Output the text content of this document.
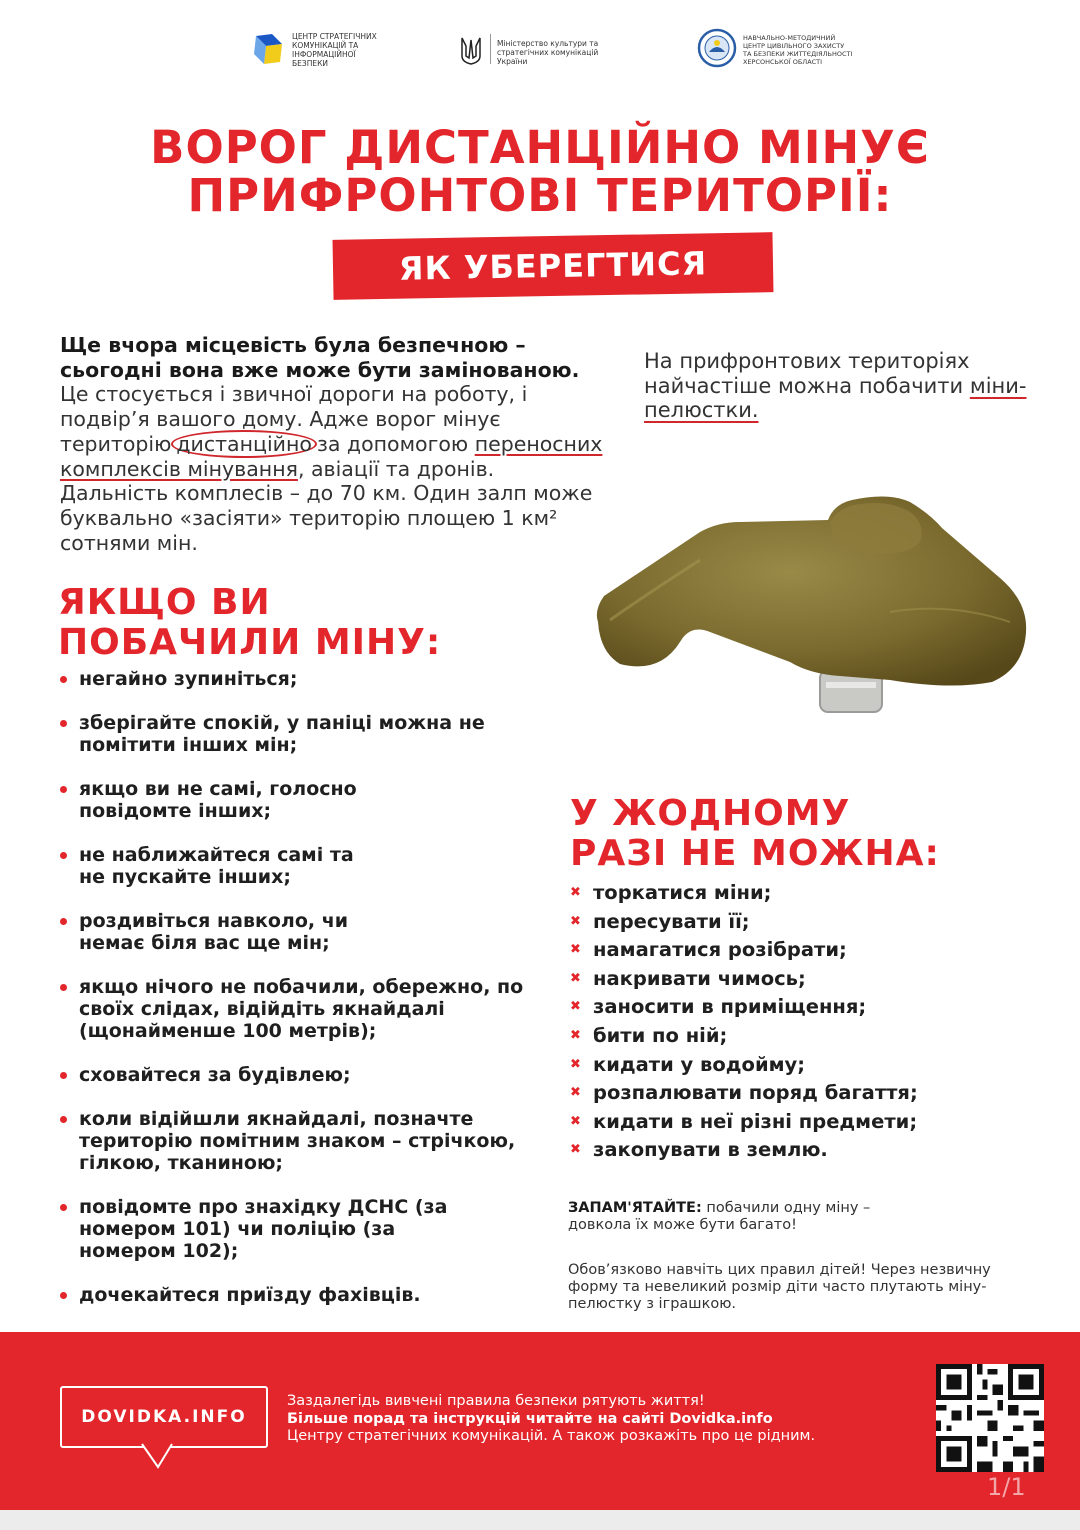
ЦЕНТР СТРАТЕГІЧНИХ КОМУНІКАЦІЙ ТА ІНФОРМАЦІЙНОЇ БЕЗПЕКИ
Міністерство культури та стратегічних комунікацій України
НАВЧАЛЬНО-МЕТОДИЧНИЙ ЦЕНТР ЦИВІЛЬНОГО ЗАХИСТУ ТА БЕЗПЕКИ ЖИТТЄДІЯЛЬНОСТІ ХЕРСОНСЬКОЇ ОБЛАСТІ
ВОРОГ ДИСТАНЦІЙНО МІНУЄ
ПРИФРОНТОВІ ТЕРИТОРІЇ:
ЯК УБЕРЕГТИСЯ
Ще вчора місцевість була безпечною – сьогодні вона вже може бути замінованою. Це стосується і звичної дороги на роботу, і подвір’я вашого дому. Адже ворог мінує територію дистанційно за допомогою переносних комплексів мінування, авіації та дронів. Дальність комплесів – до 70 км. Один залп може буквально «засіяти» територію площею 1 км² сотнями мін.
На прифронтових територіях найчастіше можна побачити міни-пелюстки.
ЯКЩО ВИ
ПОБАЧИЛИ МІНУ:
негайно зупиніться;
зберігайте спокій, у паніці можна не помітити інших мін;
якщо ви не самі, голосно повідомте інших;
не наближайтеся самі та не пускайте інших;
роздивіться навколо, чи немає біля вас ще мін;
якщо нічого не побачили, обережно, по своїх слідах, відійдіть якнайдалі (щонайменше 100 метрів);
сховайтеся за будівлею;
коли відійшли якнайдалі, позначте територію помітним знаком – стрічкою, гілкою, тканиною;
повідомте про знахідку ДСНС (за номером 101) чи поліцію (за номером 102);
дочекайтеся приїзду фахівців.
У ЖОДНОМУ
РАЗІ НЕ МОЖНА:
✖ торкатися міни;
✖ пересувати її;
✖ намагатися розібрати;
✖ накривати чимось;
✖ заносити в приміщення;
✖ бити по ній;
✖ кидати у водойму;
✖ розпалювати поряд багаття;
✖ кидати в неї різні предмети;
✖ закопувати в землю.
ЗАПАМ'ЯТАЙТЕ: побачили одну міну – довкола їх може бути багато!
Обов’язково навчіть цих правил дітей! Через незвичну форму та невеликий розмір діти часто плутають міну-пелюстку з іграшкою.
DOVIDKA.INFO
Заздалегідь вивчені правила безпеки рятують життя!
Більше порад та інструкцій читайте на сайті Dovidka.info
Центру стратегічних комунікацій. А також розкажіть про це рідним.
1/1
